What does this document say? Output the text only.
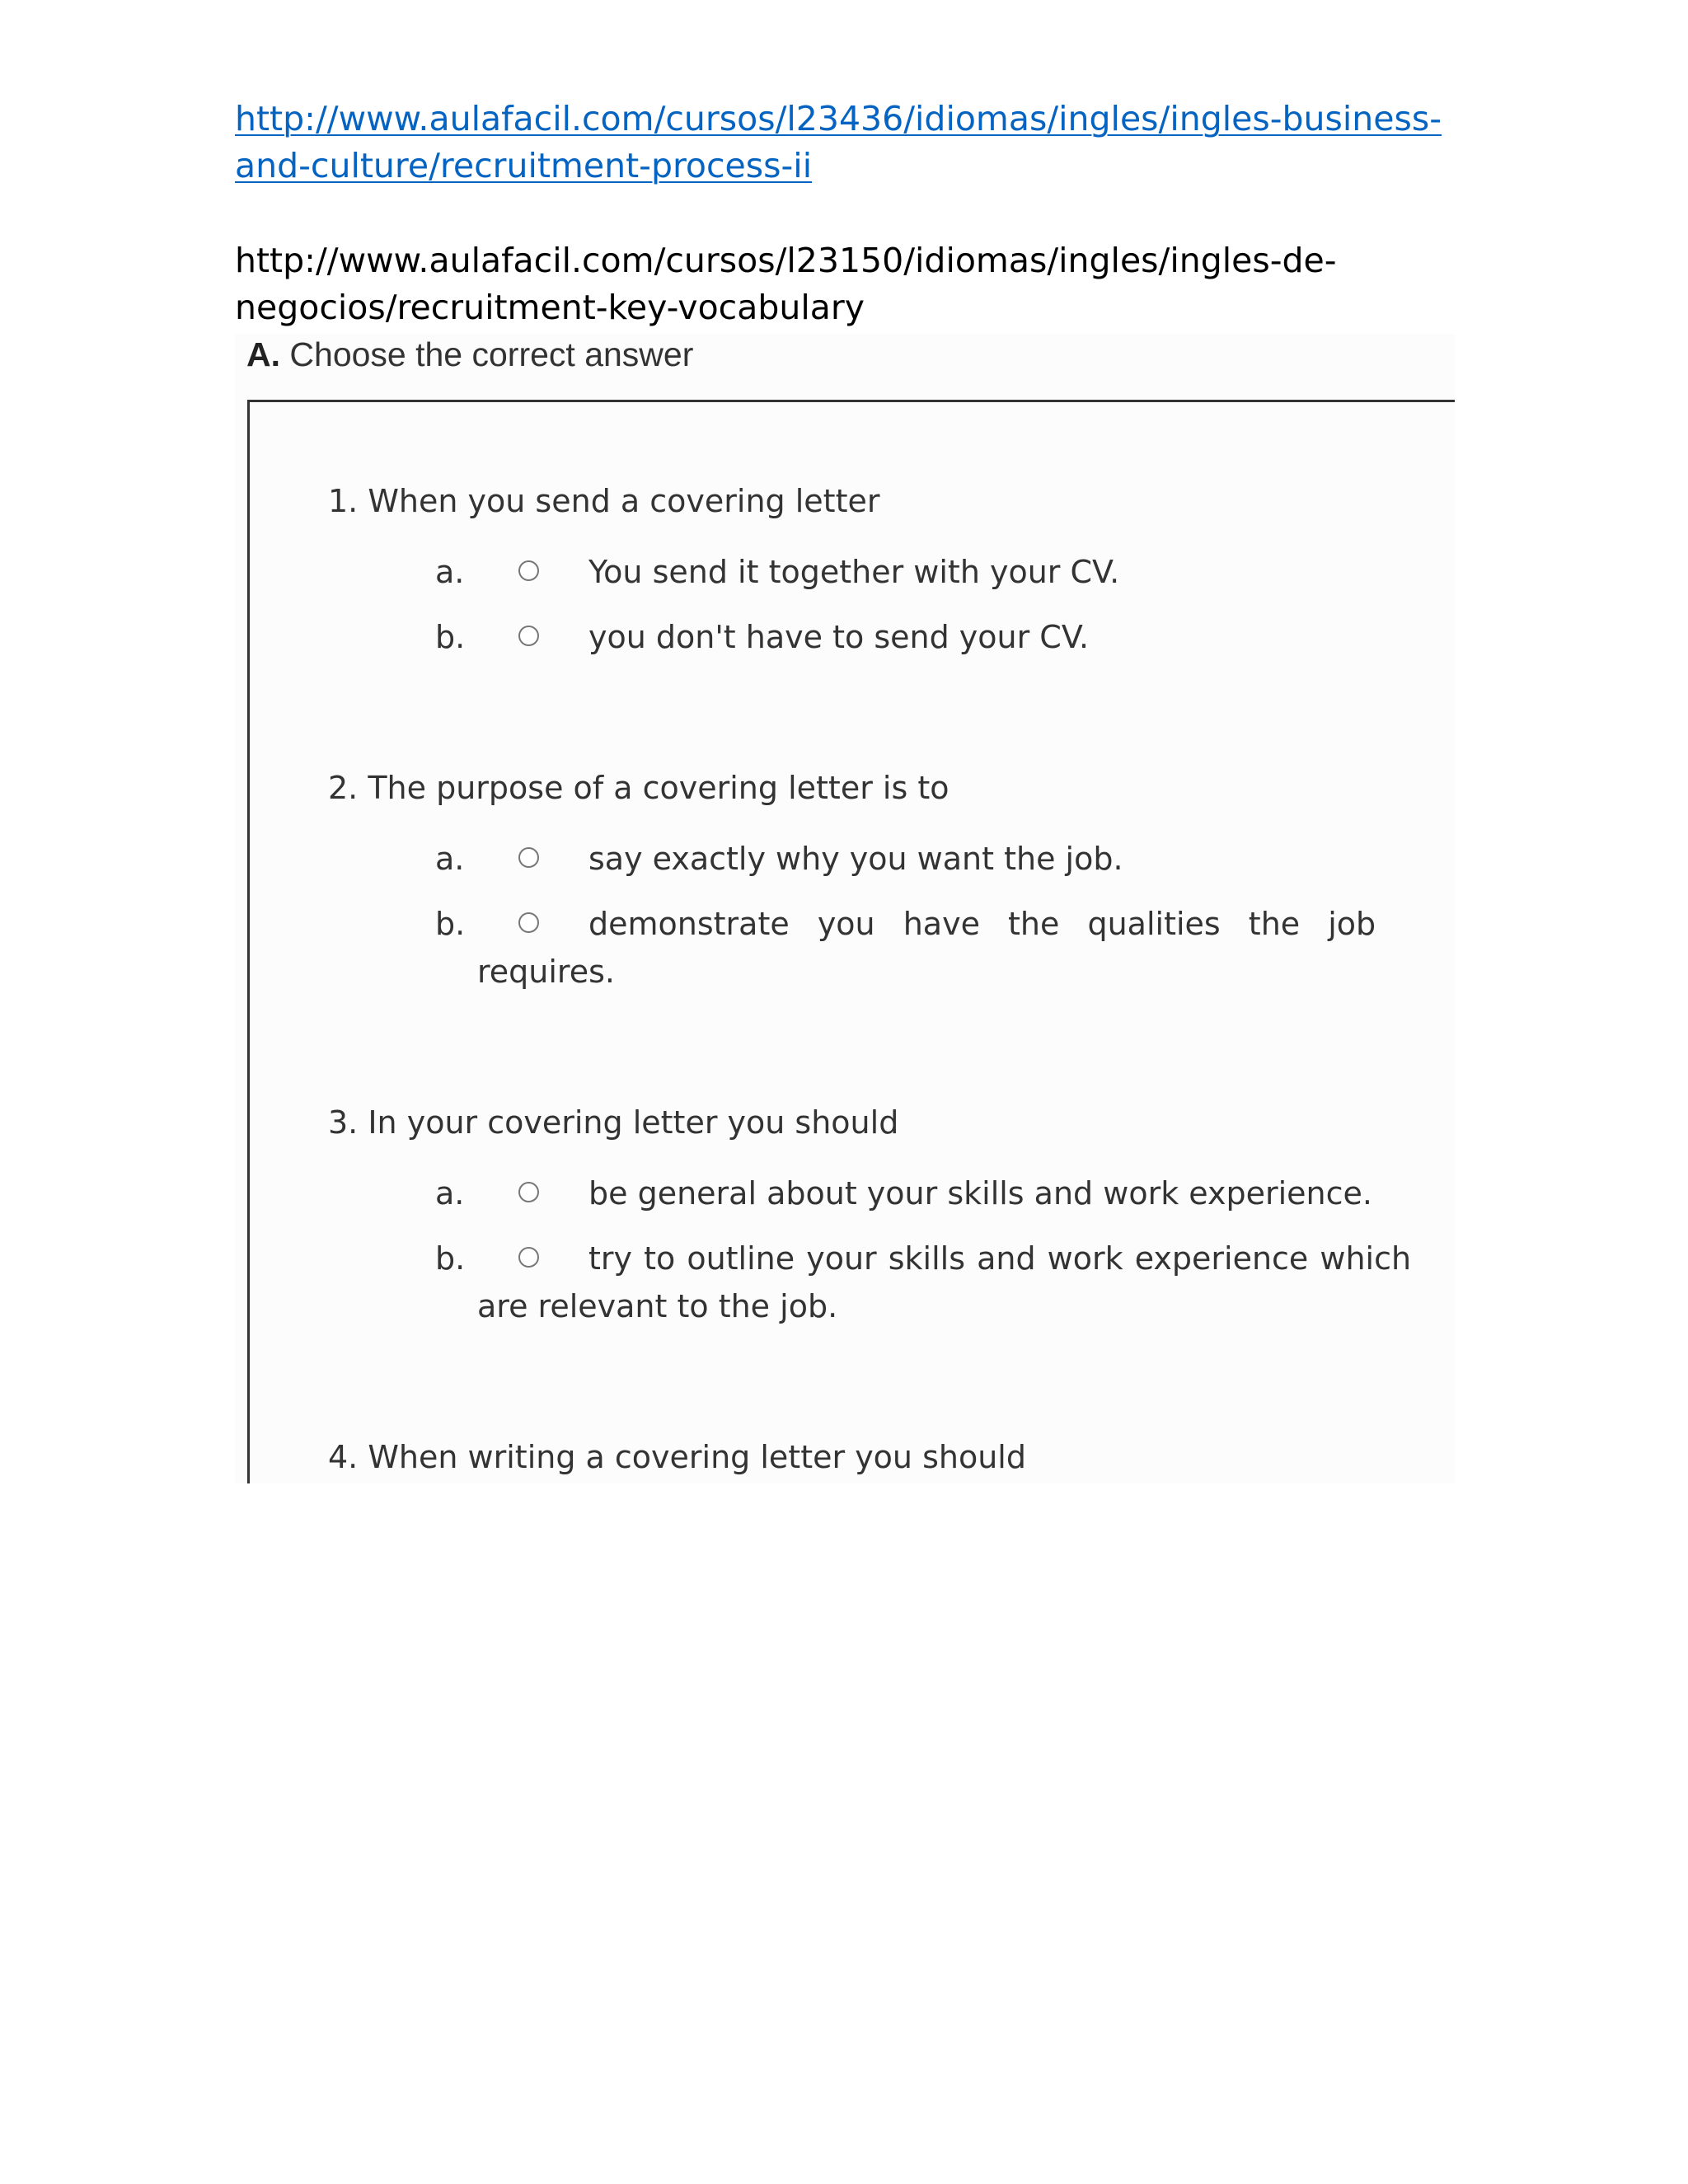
http://www.aulafacil.com/cursos/l23436/idiomas/ingles/ingles-business-
and-culture/recruitment-process-ii
http://www.aulafacil.com/cursos/l23150/idiomas/ingles/ingles-de-
negocios/recruitment-key-vocabulary
A. Choose the correct answer
1. When you send a covering letter
a.	You send it together with your CV.
b.	you don't have to send your CV.
2. The purpose of a covering letter is to
a.	say exactly why you want the job.
b.	demonstrate you have the qualities the job
requires.
3. In your covering letter you should
a.	be general about your skills and work experience.
b.	try to outline your skills and work experience which
are relevant to the job.
4. When writing a covering letter you should
